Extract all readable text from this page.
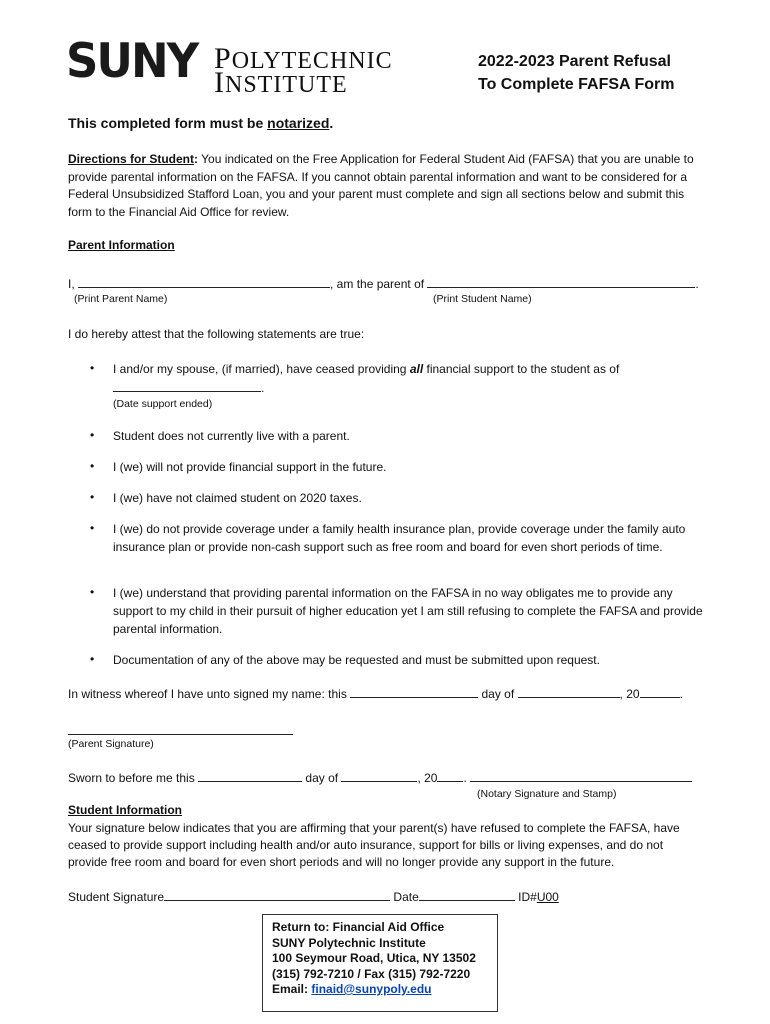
SUNY POLYTECHNIC
INSTITUTE
2022-2023 Parent Refusal
To Complete FAFSA Form
This completed form must be notarized.
Directions for Student: You indicated on the Free Application for Federal Student Aid (FAFSA) that you are unable to provide parental information on the FAFSA. If you cannot obtain parental information and want to be considered for a Federal Unsubsidized Stafford Loan, you and your parent must complete and sign all sections below and submit this form to the Financial Aid Office for review.
Parent Information
I,	, am the parent of	.
(Print Parent Name)	(Print Student Name)
I do hereby attest that the following statements are true:
• I and/or my spouse, (if married), have ceased providing all financial support to the student as of
.
(Date support ended)
• Student does not currently live with a parent.
• I (we) will not provide financial support in the future.
• I (we) have not claimed student on 2020 taxes.
• I (we) do not provide coverage under a family health insurance plan, provide coverage under the family auto insurance plan or provide non-cash support such as free room and board for even short periods of time.
• I (we) understand that providing parental information on the FAFSA in no way obligates me to provide any support to my child in their pursuit of higher education yet I am still refusing to complete the FAFSA and provide parental information.
• Documentation of any of the above may be requested and must be submitted upon request.
In witness whereof I have unto signed my name: this	day of	, 20	.
(Parent Signature)
Sworn to before me this	day of	, 20 .
(Notary Signature and Stamp)
Student Information
Your signature below indicates that you are affirming that your parent(s) have refused to complete the FAFSA, have ceased to provide support including health and/or auto insurance, support for bills or living expenses, and do not provide free room and board for even short periods and will no longer provide any support in the future.
Student Signature	Date	ID#U00
Return to: Financial Aid Office
SUNY Polytechnic Institute
100 Seymour Road, Utica, NY 13502
(315) 792-7210 / Fax (315) 792-7220
Email: finaid@sunypoly.edu
